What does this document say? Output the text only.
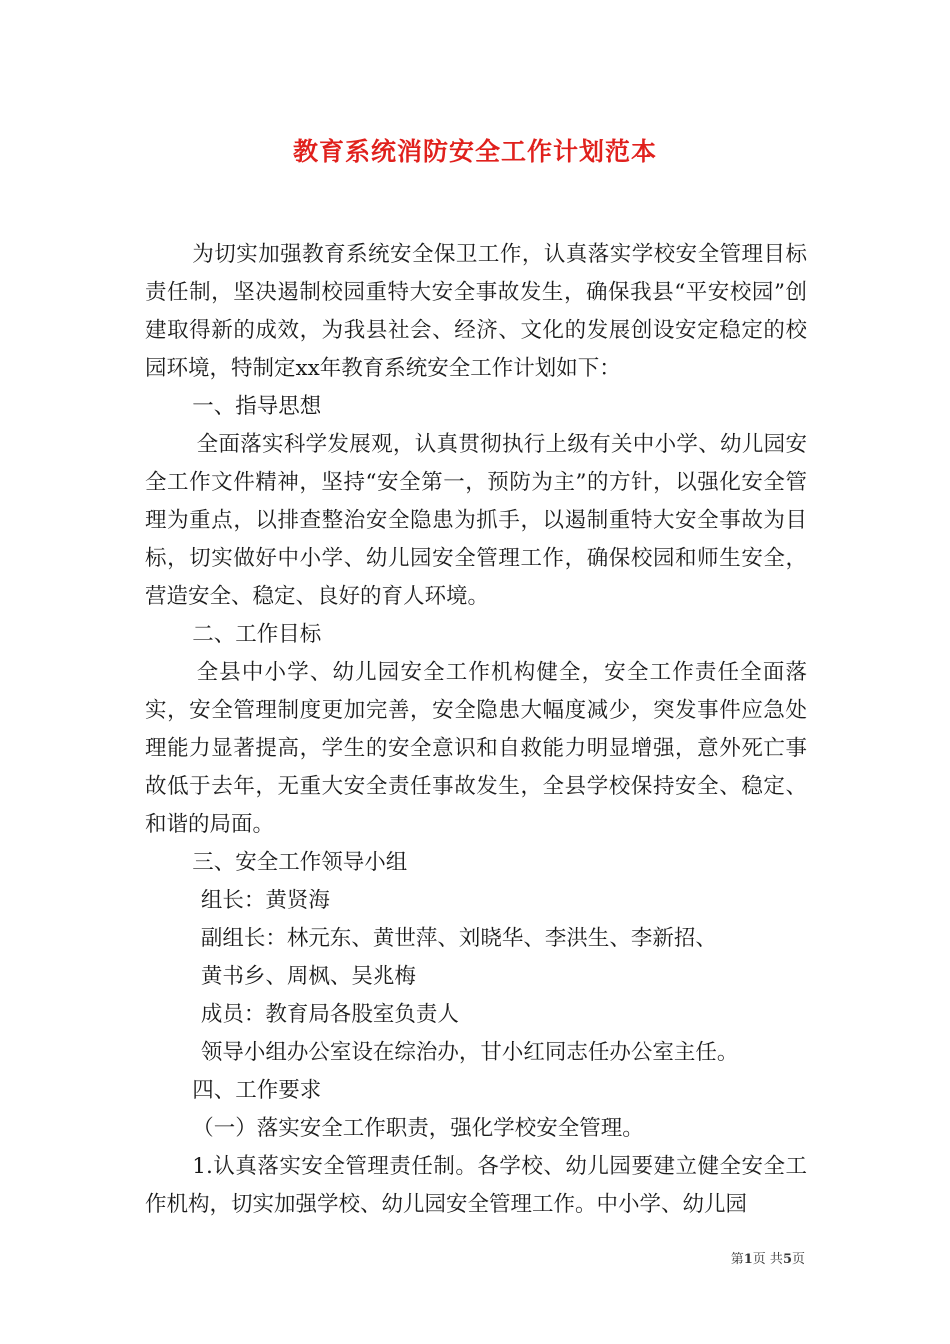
教育系统消防安全工作计划范本

为切实加强教育系统安全保卫工作，认真落实学校安全管理目标责任制，坚决遏制校园重特大安全事故发生，确保我县“平安校园”创建取得新的成效，为我县社会、经济、文化的发展创设安定稳定的校园环境，特制定xx年教育系统安全工作计划如下：

一、指导思想

全面落实科学发展观，认真贯彻执行上级有关中小学、幼儿园安全工作文件精神，坚持“安全第一，预防为主”的方针，以强化安全管理为重点，以排查整治安全隐患为抓手，以遏制重特大安全事故为目标，切实做好中小学、幼儿园安全管理工作，确保校园和师生安全，营造安全、稳定、良好的育人环境。

二、工作目标

全县中小学、幼儿园安全工作机构健全，安全工作责任全面落实，安全管理制度更加完善，安全隐患大幅度减少，突发事件应急处理能力显著提高，学生的安全意识和自救能力明显增强，意外死亡事故低于去年，无重大安全责任事故发生，全县学校保持安全、稳定、和谐的局面。

三、安全工作领导小组

组长：黄贤海

副组长：林元东、黄世萍、刘晓华、李洪生、李新招、

黄书乡、周枫、吴兆梅

成员：教育局各股室负责人

领导小组办公室设在综治办，甘小红同志任办公室主任。

四、工作要求

（一）落实安全工作职责，强化学校安全管理。

1.认真落实安全管理责任制。各学校、幼儿园要建立健全安全工作机构，切实加强学校、幼儿园安全管理工作。中小学、幼儿园

第1页 共5页
